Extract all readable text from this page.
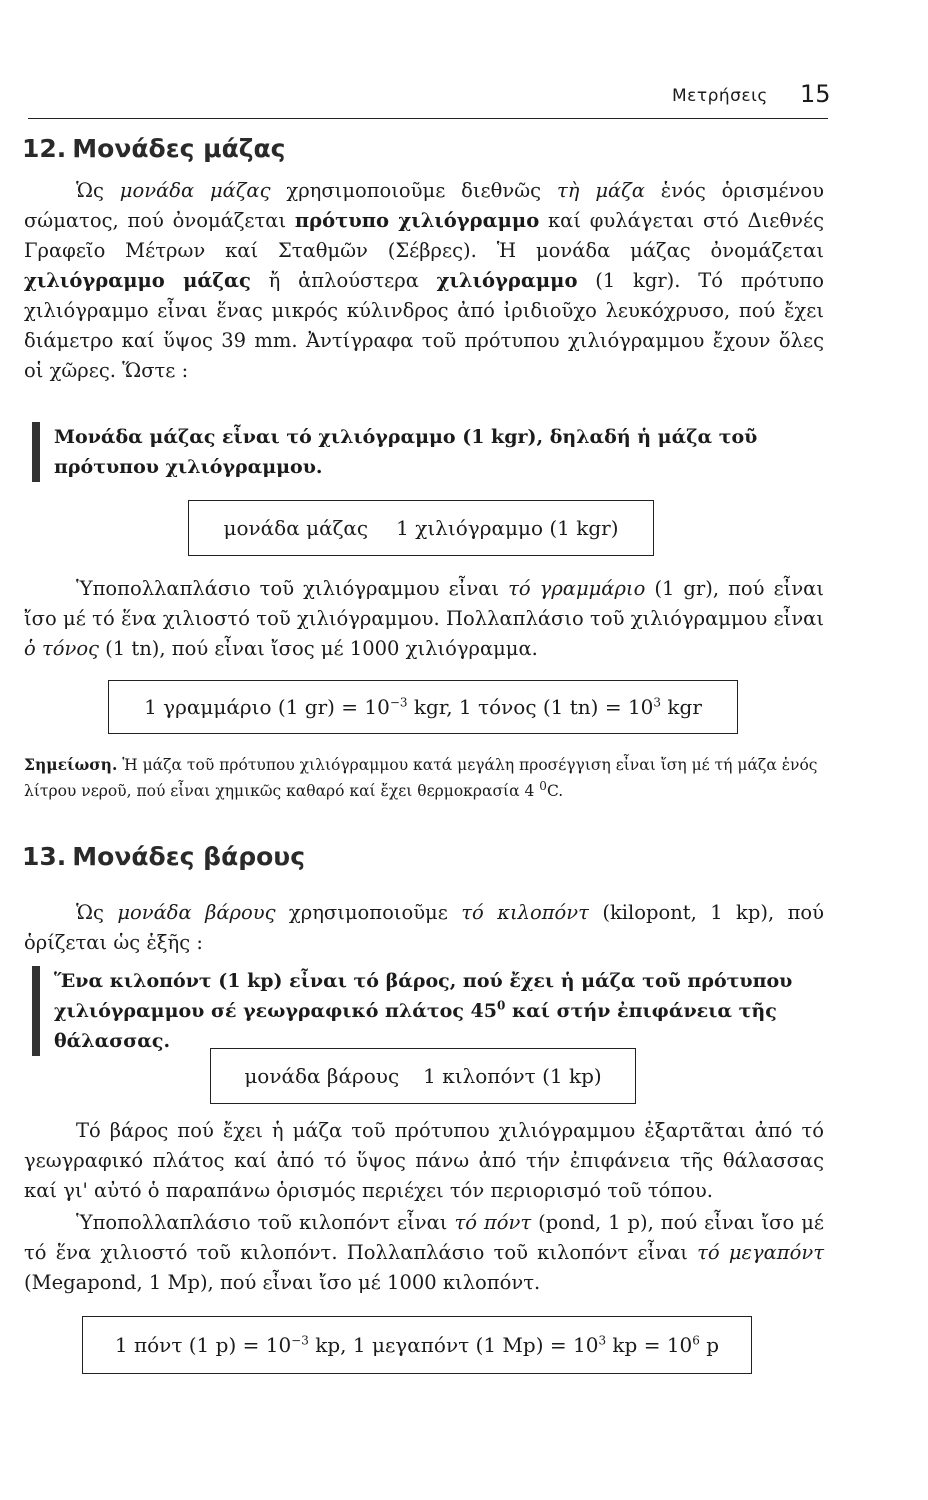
Μετρήσεις 15
12. Μονάδες μάζας

Ὡς μονάδα μάζας χρησιμοποιοῦμε διεθνῶς τὴ μάζα ἑνός ὁρισμένου σώματος, πού ὀνομάζεται πρότυπο χιλιόγραμμο καί φυλάγεται στό Διεθνές Γραφεῖο Μέτρων καί Σταθμῶν (Σέβρες). Ἡ μονάδα μάζας ὀνομάζεται χιλιόγραμμο μάζας ἤ ἁπλούστερα χιλιόγραμμο (1 kgr). Τό πρότυπο χιλιόγραμμο εἶναι ἕνας μικρός κύλινδρος ἀπό ἰριδιοῦχο λευκόχρυσο, πού ἔχει διάμετρο καί ὕψος 39 mm. Ἀντίγραφα τοῦ πρότυπου χιλιόγραμμου ἔχουν ὅλες οἱ χῶρες. Ὥστε :

Μονάδα μάζας εἶναι τό χιλιόγραμμο (1 kgr), δηλαδή ἡ μάζα τοῦ πρότυπου χιλιόγραμμου.

μονάδα μάζας 1 χιλιόγραμμο (1 kgr)

Ὑποπολλαπλάσιο τοῦ χιλιόγραμμου εἶναι τό γραμμάριο (1 gr), πού εἶναι ἴσο μέ τό ἕνα χιλιοστό τοῦ χιλιόγραμμου. Πολλαπλάσιο τοῦ χιλιόγραμμου εἶναι ὁ τόνος (1 tn), πού εἶναι ἴσος μέ 1000 χιλιόγραμμα.

1 γραμμάριο (1 $gr) = 10^{-3}$ kgr, 1 τόνος (1 $tn) = 10^3$ kgr

Σημείωση. Ἡ μάζα τοῦ πρότυπου χιλιόγραμμου κατά μεγάλη προσέγγιση εἶναι ἴση μέ τή μάζα ἑνός λίτρου νεροῦ, πού εἶναι χημικῶς καθαρό καί ἔχει θερμοκρασία 4 $^0$C.

13. Μονάδες βάρους

Ὡς μονάδα βάρους χρησιμοποιοῦμε τό κιλοπόντ (kilopont, 1 kp), πού ὁρίζεται ὡς ἑξῆς :

Ἕνα κιλοπόντ (1 kp) εἶναι τό βάρος, πού ἔχει ἡ μάζα τοῦ πρότυπου χιλιόγραμμου σέ γεωγραφικό πλάτος $45^0$ καί στήν ἐπιφάνεια τῆς θάλασσας.

μονάδα βάρους 1 κιλοπόντ (1 kp)

Τό βάρος πού ἔχει ἡ μάζα τοῦ πρότυπου χιλιόγραμμου ἐξαρτᾶται ἀπό τό γεωγραφικό πλάτος καί ἀπό τό ὕψος πάνω ἀπό τήν ἐπιφάνεια τῆς θάλασσας καί γι' αὐτό ὁ παραπάνω ὁρισμός περιέχει τόν περιορισμό τοῦ τόπου.

Ὑποπολλαπλάσιο τοῦ κιλοπόντ εἶναι τό πόντ (pond, 1 p), πού εἶναι ἴσο μέ τό ἕνα χιλιοστό τοῦ κιλοπόντ. Πολλαπλάσιο τοῦ κιλοπόντ εἶναι τό μεγαπόντ (Megapond, 1 Mp), πού εἶναι ἴσο μέ 1000 κιλοπόντ.

1 πόντ (1 $p) = 10^{-3}$ kp, 1 μεγαπόντ (1 $Mp) = 10^3$ kp = $10^6$ p
